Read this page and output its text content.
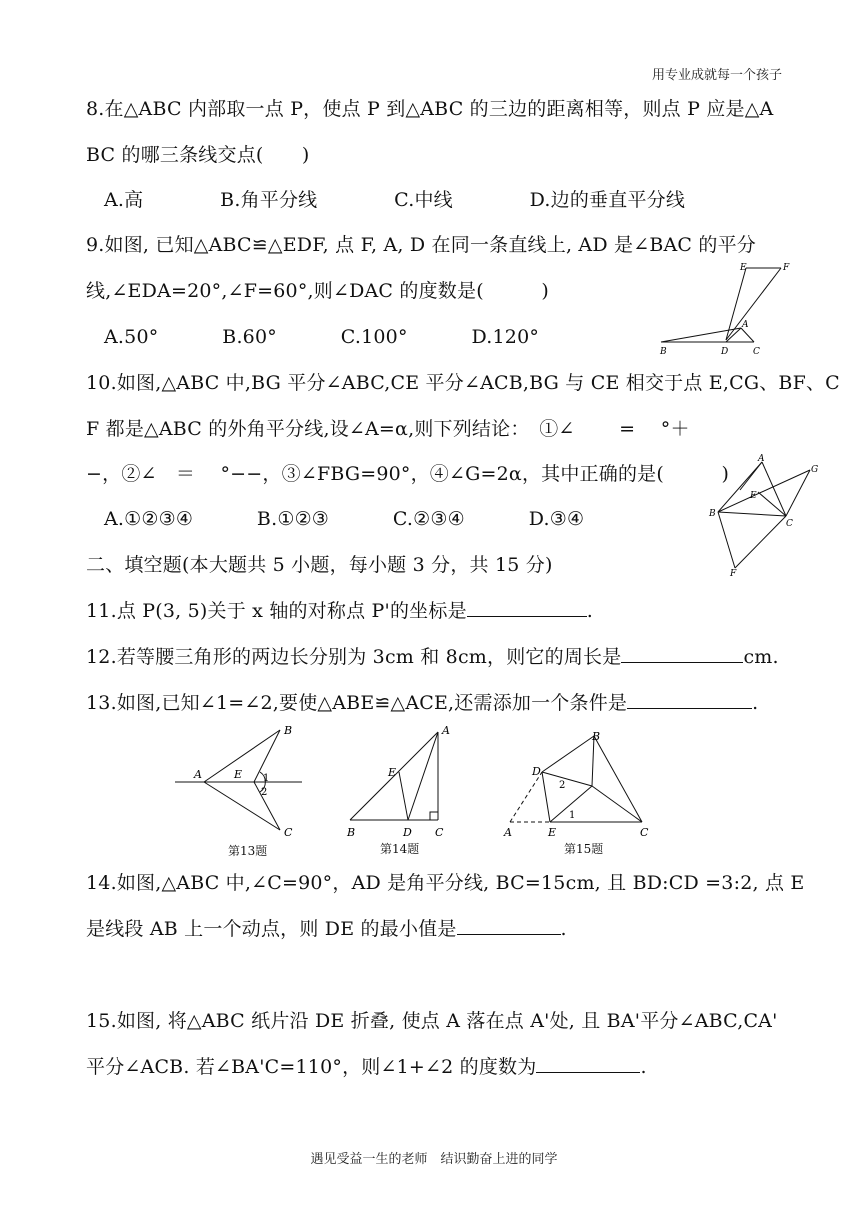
用专业成就每一个孩子
8.在△ABC 内部取一点 P，使点 P 到△ABC 的三边的距离相等，则点 P 应是△A
BC 的哪三条线交点(　　)
A.高　　　　B.角平分线　　　　C.中线　　　　D.边的垂直平分线
9.如图, 已知△ABC≌△EDF, 点 F, A, D 在同一条直线上, AD 是∠BAC 的平分
线,∠EDA=20°,∠F=60°,则∠DAC 的度数是(　　　)
A.50°　　　 B.60°　　　 C.100°　　　 D.120°
E	F
A
B	D	C
10.如图,△ABC 中,BG 平分∠ABC,CE 平分∠ACB,BG 与 CE 相交于点 E,CG、BF、C
F 都是△ABC 的外角平分线,设∠A=α,则下列结论：　①∠　　 =　 °＋
−，②∠　＝　 °−−，③∠FBG=90°，④∠G=2α，其中正确的是(　　　)
A.①②③④　　　 B.①②③　　　 C.②③④　　　 D.③④
A
G
E
B
C
F
二、填空题(本大题共 5 小题，每小题 3 分，共 15 分)
11.点 P(3, 5)关于 x 轴的对称点 P'的坐标是	.
12.若等腰三角形的两边长分别为 3cm 和 8cm，则它的周长是	cm.
13.如图,已知∠1=∠2,要使△ABE≌△ACE,还需添加一个条件是	.
A
B
E 1
2
C
第13题
A
E
B	D C
第14题
B
D
2
1
A	E	C
第15题
14.如图,△ABC 中,∠C=90°，AD 是角平分线, BC=15cm, 且 BD:CD =3:2, 点 E
是线段 AB 上一个动点，则 DE 的最小值是	.
15.如图, 将△ABC 纸片沿 DE 折叠, 使点 A 落在点 A'处, 且 BA'平分∠ABC,CA'
平分∠ACB. 若∠BA'C=110°，则∠1+∠2 的度数为	.
遇见受益一生的老师　结识勤奋上进的同学
